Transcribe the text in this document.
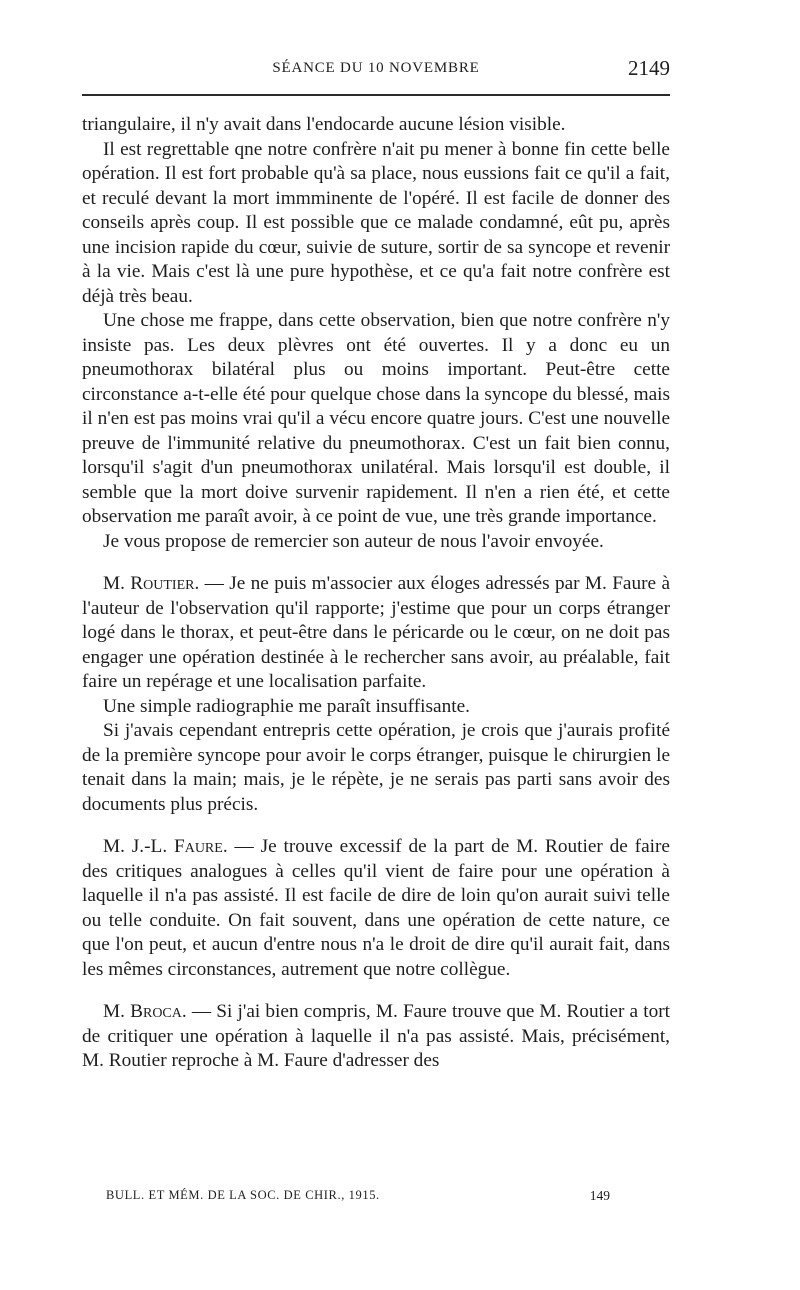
SÉANCE DU 10 NOVEMBRE	2149

triangulaire, il n'y avait dans l'endocarde aucune lésion visible.

Il est regrettable qne notre confrère n'ait pu mener à bonne fin cette belle opération. Il est fort probable qu'à sa place, nous eussions fait ce qu'il a fait, et reculé devant la mort immminente de l'opéré. Il est facile de donner des conseils après coup. Il est possible que ce malade condamné, eût pu, après une incision rapide du cœur, suivie de suture, sortir de sa syncope et revenir à la vie. Mais c'est là une pure hypothèse, et ce qu'a fait notre confrère est déjà très beau.

Une chose me frappe, dans cette observation, bien que notre confrère n'y insiste pas. Les deux plèvres ont été ouvertes. Il y a donc eu un pneumothorax bilatéral plus ou moins important. Peut-être cette circonstance a-t-elle été pour quelque chose dans la syncope du blessé, mais il n'en est pas moins vrai qu'il a vécu encore quatre jours. C'est une nouvelle preuve de l'immunité relative du pneumothorax. C'est un fait bien connu, lorsqu'il s'agit d'un pneumothorax unilatéral. Mais lorsqu'il est double, il semble que la mort doive survenir rapidement. Il n'en a rien été, et cette observation me paraît avoir, à ce point de vue, une très grande importance.

Je vous propose de remercier son auteur de nous l'avoir envoyée.

M. Routier. — Je ne puis m'associer aux éloges adressés par M. Faure à l'auteur de l'observation qu'il rapporte; j'estime que pour un corps étranger logé dans le thorax, et peut-être dans le péricarde ou le cœur, on ne doit pas engager une opération destinée à le rechercher sans avoir, au préalable, fait faire un repérage et une localisation parfaite.

Une simple radiographie me paraît insuffisante.

Si j'avais cependant entrepris cette opération, je crois que j'aurais profité de la première syncope pour avoir le corps étranger, puisque le chirurgien le tenait dans la main; mais, je le répète, je ne serais pas parti sans avoir des documents plus précis.

M. J.-L. Faure. — Je trouve excessif de la part de M. Routier de faire des critiques analogues à celles qu'il vient de faire pour une opération à laquelle il n'a pas assisté. Il est facile de dire de loin qu'on aurait suivi telle ou telle conduite. On fait souvent, dans une opération de cette nature, ce que l'on peut, et aucun d'entre nous n'a le droit de dire qu'il aurait fait, dans les mêmes circonstances, autrement que notre collègue.

M. Broca. — Si j'ai bien compris, M. Faure trouve que M. Routier a tort de critiquer une opération à laquelle il n'a pas assisté. Mais, précisément, M. Routier reproche à M. Faure d'adresser des

BULL. ET MÉM. DE LA SOC. DE CHIR., 1915.	149
